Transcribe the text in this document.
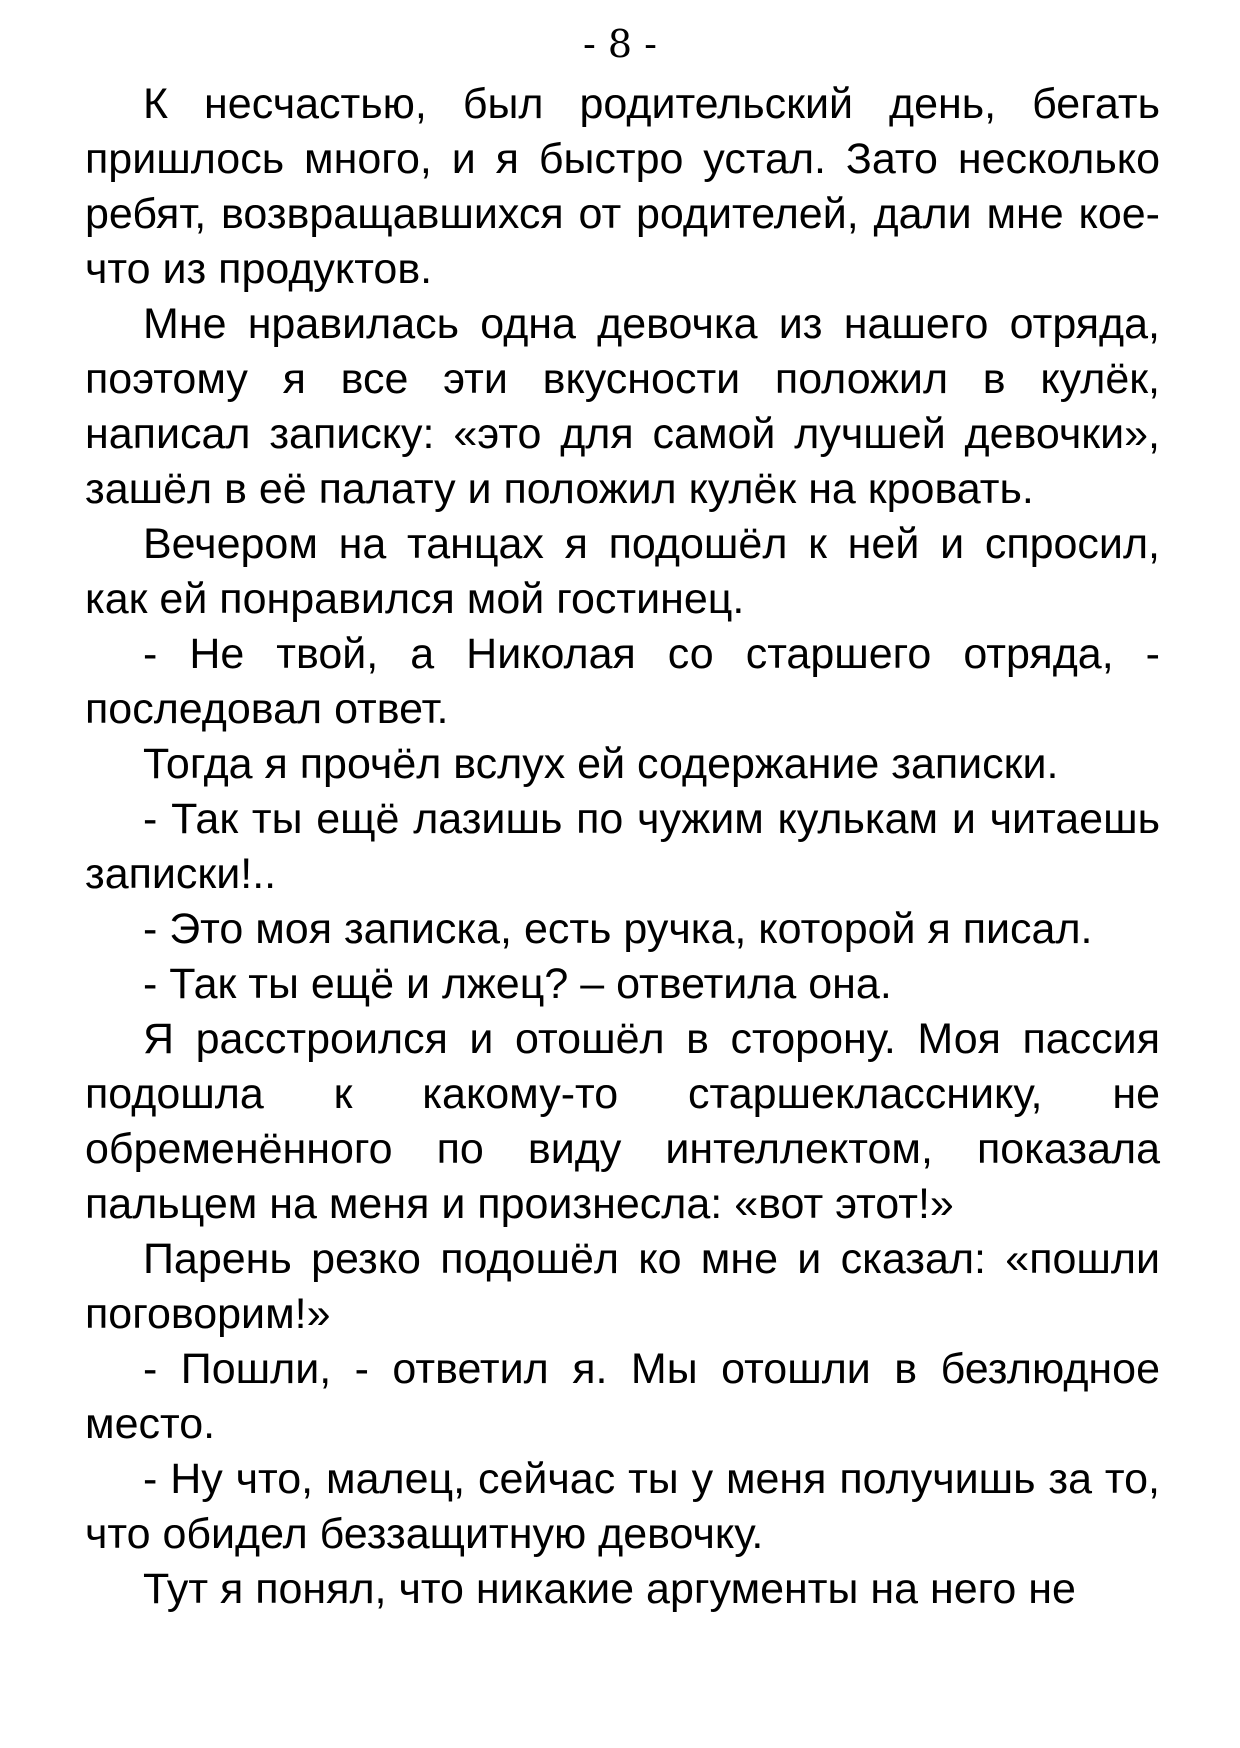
- 8 -

К несчастью, был родительский день, бегать пришлось много, и я быстро устал. Зато несколько ребят, возвращавшихся от родителей, дали мне кое-что из продуктов.

Мне нравилась одна девочка из нашего отряда, поэтому я все эти вкусности положил в кулёк, написал записку: «это для самой лучшей девочки», зашёл в её палату и положил кулёк на кровать.

Вечером на танцах я подошёл к ней и спросил, как ей понравился мой гостинец.

- Не твой, а Николая со старшего отряда, - последовал ответ.

Тогда я прочёл вслух ей содержание записки.

- Так ты ещё лазишь по чужим кулькам и читаешь записки!..

- Это моя записка, есть ручка, которой я писал.

- Так ты ещё и лжец? – ответила она.

Я расстроился и отошёл в сторону. Моя пассия подошла к какому-то старшекласснику, не обременённого по виду интеллектом, показала пальцем на меня и произнесла: «вот этот!»

Парень резко подошёл ко мне и сказал: «пошли поговорим!»

- Пошли, - ответил я. Мы отошли в безлюдное место.

- Ну что, малец, сейчас ты у меня получишь за то, что обидел беззащитную девочку.

Тут я понял, что никакие аргументы на него не
